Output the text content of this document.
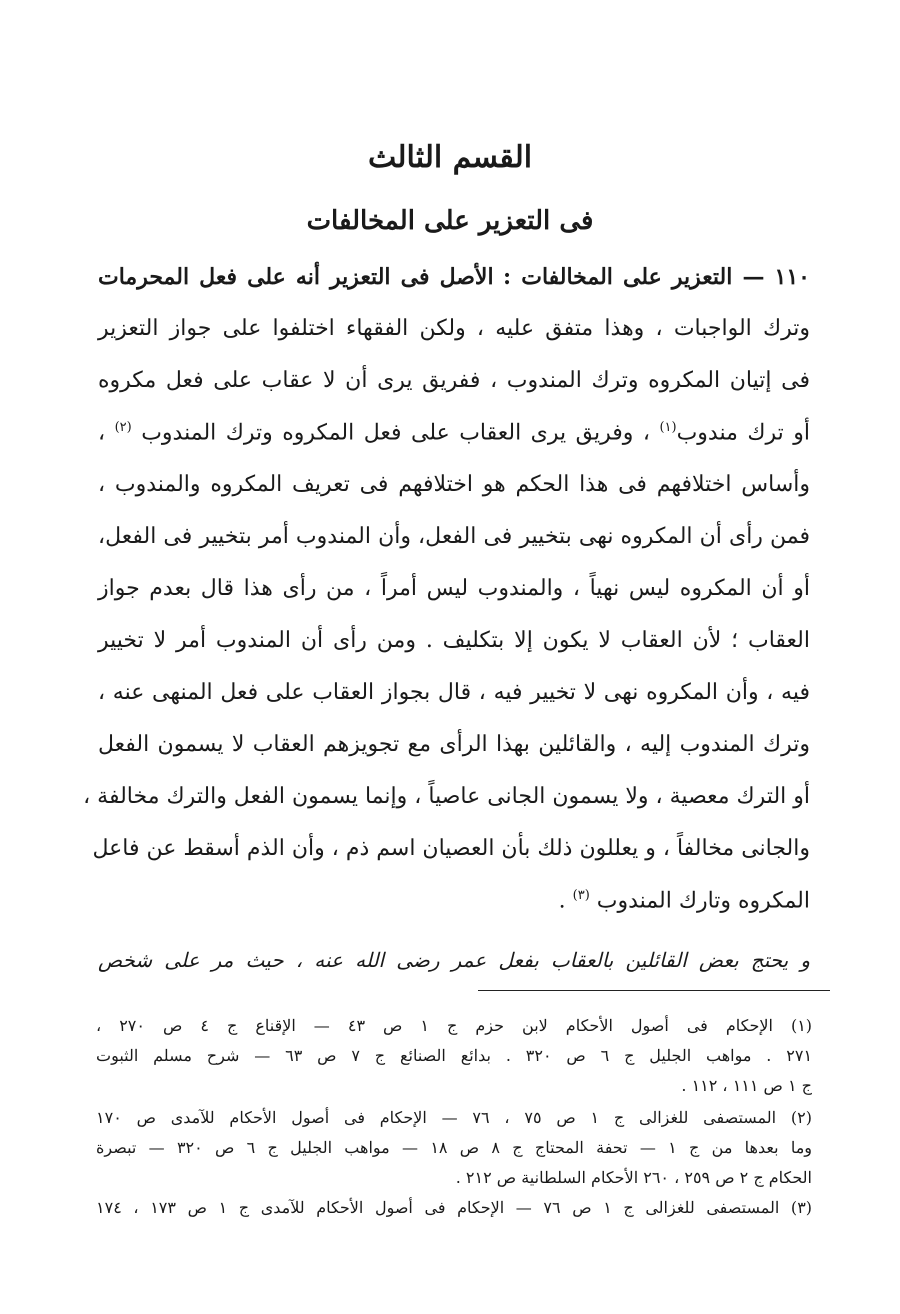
القسم الثالث
فى التعزير على المخالفات
١١٠ — التعزير على المخالفات : الأصل فى التعزير أنه على فعل المحرمات
وترك الواجبات ، وهذا متفق عليه ، ولكن الفقهاء اختلفوا على جواز التعزير
فى إتيان المكروه وترك المندوب ، ففريق يرى أن لا عقاب على فعل مكروه
أو ترك مندوب$^{(١)}$ ، وفريق يرى العقاب على فعل المكروه وترك المندوب $^{(٢)}$ ،
وأساس اختلافهم فى هذا الحكم هو اختلافهم فى تعريف المكروه والمندوب ،
فمن رأى أن المكروه نهى بتخيير فى الفعل، وأن المندوب أمر بتخيير فى الفعل،
أو أن المكروه ليس نهياً ، والمندوب ليس أمراً ، من رأى هذا قال بعدم جواز
العقاب ؛ لأن العقاب لا يكون إلا بتكليف . ومن رأى أن المندوب أمر لا تخيير
فيه ، وأن المكروه نهى لا تخيير فيه ، قال بجواز العقاب على فعل المنهى عنه ،
وترك المندوب إليه ، والقائلين بهذا الرأى مع تجويزهم العقاب لا يسمون الفعل
أو الترك معصية ، ولا يسمون الجانى عاصياً ، وإنما يسمون الفعل والترك مخالفة ،
والجانى مخالفاً ، و يعللون ذلك بأن العصيان اسم ذم ، وأن الذم أسقط عن فاعل
المكروه وتارك المندوب $^{(٣)}$ .
و يحتج بعض القائلين بالعقاب بفعل عمر رضى الله عنه ، حيث مر على شخص
(١) الإحكام فى أصول الأحكام لابن حزم ج ١ ص ٤٣ — الإقناع ج ٤ ص ٢٧٠ ،
٢٧١ . مواهب الجليل ج ٦ ص ٣٢٠ . بدائع الصنائع ج ٧ ص ٦٣ — شرح مسلم الثبوت
ج ١ ص ١١١ ، ١١٢ .
(٢) المستصفى للغزالى ج ١ ص ٧٥ ، ٧٦ — الإحكام فى أصول الأحكام للآمدى ص ١٧٠
وما بعدها من ج ١ — تحفة المحتاج ج ٨ ص ١٨ — مواهب الجليل ج ٦ ص ٣٢٠ — تبصرة
الحكام ج ٢ ص ٢٥٩ ، ٢٦٠ الأحكام السلطانية ص ٢١٢ .
(٣) المستصفى للغزالى ج ١ ص ٧٦ — الإحكام فى أصول الأحكام للآمدى ج ١ ص ١٧٣ ، ١٧٤
